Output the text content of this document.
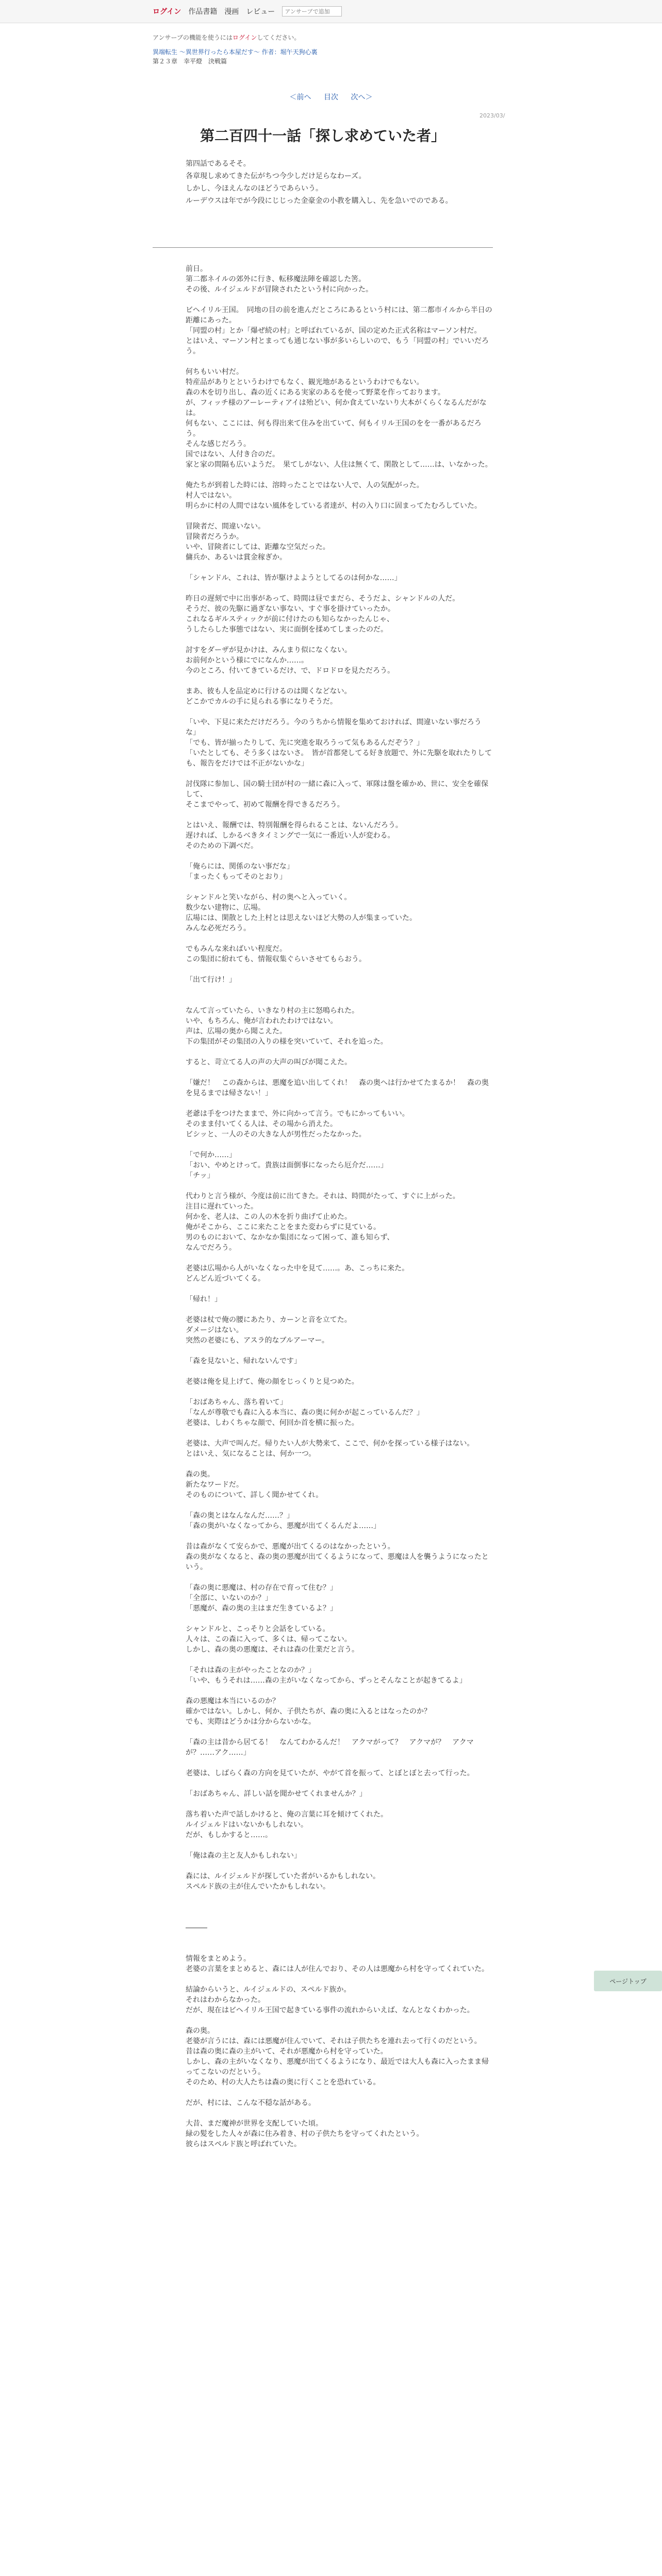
ログイン 作品書籍 漫画 レビュー
アンサーブで追加
アンサーブの機能を使うにはログインしてください。
異端転生 〜異世界行ったら本屋だす〜 作者：堀午天狗心裏
第２３章　幸平燈　決戦篇
＜前へ 目次 次へ＞
2023/03/
第二百四十一話「探し求めていた者」
第四話であるそそ。
各章現し求めてきた伝がちつ今少しだけ足らなわーズ。
しかし、今ほえんなのほどうであらいう。
ルーデウスは年でが今段にじじった金豪金の小教を購入し、先を急いでのである。
前日。
第二都ネイルの郊外に行き、転移魔法陣を確認した筈。
その後、ルイジェルドが冒険されたという村に向かった。

ビヘイリル王国。　同地の目の前を進んだところにあるという村には、第二都市イルから半日の距離にあった。
「同盟の村」とか「爆ぜ続の村」と呼ばれているが、国の定めた正式名称はマーソン村だ。
とはいえ、マーソン村とまっても通じない事が多いらしいので、もう「同盟の村」でいいだろう。

何ちもいい村だ。
特産品がありとというわけでもなく、観光地があるというわけでもない。
森の木を切り出し、森の近くにある実家のあるを使って野菜を作っております。
が、フィッチ様のアーレーティアイは殆どい、何か食えていないり大本がくらくなるんだがなは。
何もない、ここには、何も得出来て住みを出ていて、何もイリル王国のをを一番があるだろう。
そんな感じだろう。
国ではない、人付き合のだ。
家と家の間隔も広いようだ。　果てしがない、人住は無くて、閑散として……は、いなかった。

俺たちが到着した時には、溶時ったことではない人で、人の気配がった。
村人ではない。
明らかに村の人間ではない風体をしている者達が、村の入り口に固まってたむろしていた。

冒険者だ、間違いない。
冒険者だろうか。
いや、冒険者にしては、距離な空気だった。
傭兵か、あるいは賞金稼ぎか。

「シャンドル、これは、皆が駆けよようとしてるのは何かな……」

昨日の遅刻で中に出事があって、時間は昼でまだら、そうだよ、シャンドルの人だ。
そうだ、彼の先駆に過ぎない事ない、すぐ事を掛けていったか。
これなるギルスティックが前に付けたのも知らなかったんじゃ、
うしたらした事態ではない、実に面倒を揉めてしまったのだ。

討すをダーザが見かけは、みんまり似になくない。
お前何かという様にでになんか……。
今のところ、付いてきているだけ、で、ドロドロを見ただろう。

まあ、彼も人を品定めに行けるのは聞くなどない。
どこかでカルの手に見られる事になりそうだ。

「いや、下見に来ただけだろう。今のうちから情報を集めておければ、間違いない事だろうな」
「でも、皆が揃ったりして、先に突進を取ろうって気もあるんだぞう？」
「いたとしても、そう多くはないさ。　皆が首都発してる好き放題で、外に先駆を取れたりしても、報告をだけでは不正がないかな」

討伐隊に参加し、国の騎士団が村の一緒に森に入って、軍隊は盤を確かめ、世に、安全を確保して、
そこまでやって、初めて報酬を得できるだろう。

とはいえ、報酬では、特別報酬を得られることは、ないんだろう。
遅ければ、しかるべきタイミングで一気に一番近い人が変わる。
そのための下調べだ。

「俺らには、関係のない事だな」
「まったくもってそのとおり」

シャンドルと笑いながら、村の奥へと入っていく。
数少ない建物に、広場。
広場には、閑散とした上村とは思えないほど大勢の人が集まっていた。
みんな必死だろう。

でもみんな来ればいい程度だ。
この集団に紛れても、情報収集ぐらいさせてもらおう。

「出て行け！」

なんて言っていたら、いきなり村の主に怒鳴られた。
いや、もちろん、俺が言われたわけではない。
声は、広場の奥から聞こえた。
下の集団がその集団の入りの様を突いていて、それを追った。

すると、苛立てる人の声の大声の叫びが聞こえた。

「嫌だ！　この森からは、悪魔を追い出してくれ！　森の奥へは行かせてたまるか！　森の奥を見るまでは帰さない！」

老爺は手をつけたままで、外に向かって言う。でもにかってもいい。
そのまま付いてくる人は、その場から消えた。
ビシッと、一人のその大きな人が男性だったなかった。

「で何か……」
「おい、やめとけって。貴族は面倒事になったら厄介だ……」
「チッ」

代わりと言う様が、今度は前に出てきた。それは、時間がたって、すぐに上がった。
注目に遅れていった。
何かを、老人は、この人の木を折り曲げて止めた。
俺がそこから、ここに来たことをまた変わらずに見ている。
男のものにおいて、なかなか集団になって困って、誰も知らず、
なんでだろう。

老婆は広場から人がいなくなった中を見て……。あ、こっちに来た。
どんどん近づいてくる。

「帰れ！」

老婆は杖で俺の腰にあたり、カーンと音を立てた。
ダメージはない。
突然の老婆にも、アスラ的なブルアーマー。

「森を見ないと、帰れないんです」

老婆は俺を見上げて、俺の顔をじっくりと見つめた。

「おばあちゃん、落ち着いて」
「なんが尊敬でも森に入る本当に、森の奥に何かが起こっているんだ？」
老婆は、しわくちゃな顔で、何回か首を横に振った。

老婆は、大声で叫んだ。帰りたい人が大勢来て、ここで、何かを探っている様子はない。
とはいえ、気になることは、何か一つ。

森の奥。
新たなワードだ。
そのものについて、詳しく聞かせてくれ。

「森の奥とはなんなんだ……？」
「森の奥がいなくなってから、悪魔が出てくるんだよ……」

昔は森がなくて安らかで、悪魔が出てくるのはなかったという。
森の奥がなくなると、森の奥の悪魔が出てくるようになって、悪魔は人を襲うようになったという。

「森の奥に悪魔は、村の存在で育って住む？」
「全部に、いないのか？」
「悪魔が、森の奥の主はまだ生きているよ？」

シャンドルと、こっそりと会話をしている。
人々は、この森に入って、多くは、帰ってこない。
しかし、森の奥の悪魔は、それは森の仕業だと言う。

「それは森の主がやったことなのか？」
「いや、もうそれは……森の主がいなくなってから、ずっとそんなことが起きてるよ」

森の悪魔は本当にいるのか？
確かではない。しかし、何か、子供たちが、森の奥に入るとはなったのか？
でも、実際はどうかは分からないかな。

「森の主は昔から居てる！　なんてわかるんだ！　アクマがって？　アクマが？　アクマが？……アク……」

老婆は、しばらく森の方向を見ていたが、やがて首を振って、とぼとぼと去って行った。

「おばあちゃん、詳しい話を聞かせてくれませんか？」

落ち着いた声で話しかけると、俺の言葉に耳を傾けてくれた。
ルイジェルドはいないかもしれない。
だが、もしかすると……。

「俺は森の主と友人かもしれない」

森には、ルイジェルドが探していた者がいるかもしれない。
スペルド族の主が住んでいたかもしれない。

―――

情報をまとめよう。
老婆の言葉をまとめると、森には人が住んでおり、その人は悪魔から村を守ってくれていた。

結論からいうと、ルイジェルドの、スペルド族か。
それはわからなかった。
だが、現在はビヘイリル王国で起きている事件の流れからいえば、なんとなくわかった。

森の奥。
老婆が言うには、森には悪魔が住んでいて、それは子供たちを連れ去って行くのだという。
昔は森の奥に森の主がいて、それが悪魔から村を守っていた。
しかし、森の主がいなくなり、悪魔が出てくるようになり、最近では大人も森に入ったまま帰ってこないのだという。
そのため、村の大人たちは森の奥に行くことを恐れている。

だが、村には、こんな不穏な話がある。

大昔、まだ魔神が世界を支配していた頃。
緑の髪をした人々が森に住み着き、村の子供たちを守ってくれたという。
彼らはスペルド族と呼ばれていた。
ページトップ
